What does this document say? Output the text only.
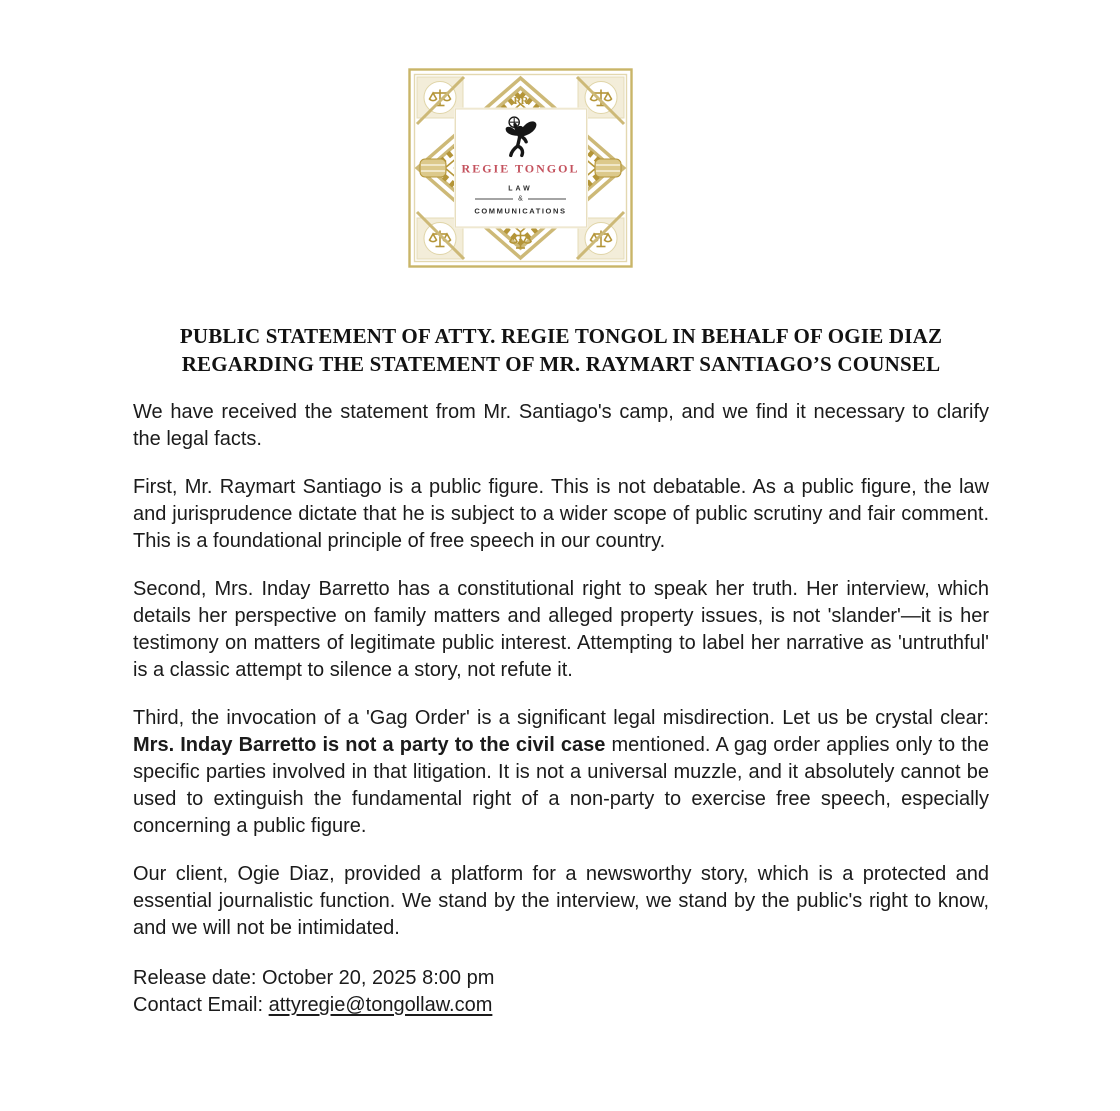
RR
REGIE TONGOL
LAW
&
COMMUNICATIONS
PUBLIC STATEMENT OF ATTY. REGIE TONGOL IN BEHALF OF OGIE DIAZ
REGARDING THE STATEMENT OF MR. RAYMART SANTIAGO’S COUNSEL

We have received the statement from Mr. Santiago's camp, and we find it necessary to clarify the legal facts.

First, Mr. Raymart Santiago is a public figure. This is not debatable. As a public figure, the law and jurisprudence dictate that he is subject to a wider scope of public scrutiny and fair comment. This is a foundational principle of free speech in our country.

Second, Mrs. Inday Barretto has a constitutional right to speak her truth. Her interview, which details her perspective on family matters and alleged property issues, is not 'slander'—it is her testimony on matters of legitimate public interest. Attempting to label her narrative as 'untruthful' is a classic attempt to silence a story, not refute it.

Third, the invocation of a 'Gag Order' is a significant legal misdirection. Let us be crystal clear: Mrs. Inday Barretto is not a party to the civil case mentioned. A gag order applies only to the specific parties involved in that litigation. It is not a universal muzzle, and it absolutely cannot be used to extinguish the fundamental right of a non-party to exercise free speech, especially concerning a public figure.

Our client, Ogie Diaz, provided a platform for a newsworthy story, which is a protected and essential journalistic function. We stand by the interview, we stand by the public's right to know, and we will not be intimidated.

Release date: October 20, 2025 8:00 pm
Contact Email: attyregie@tongollaw.com
